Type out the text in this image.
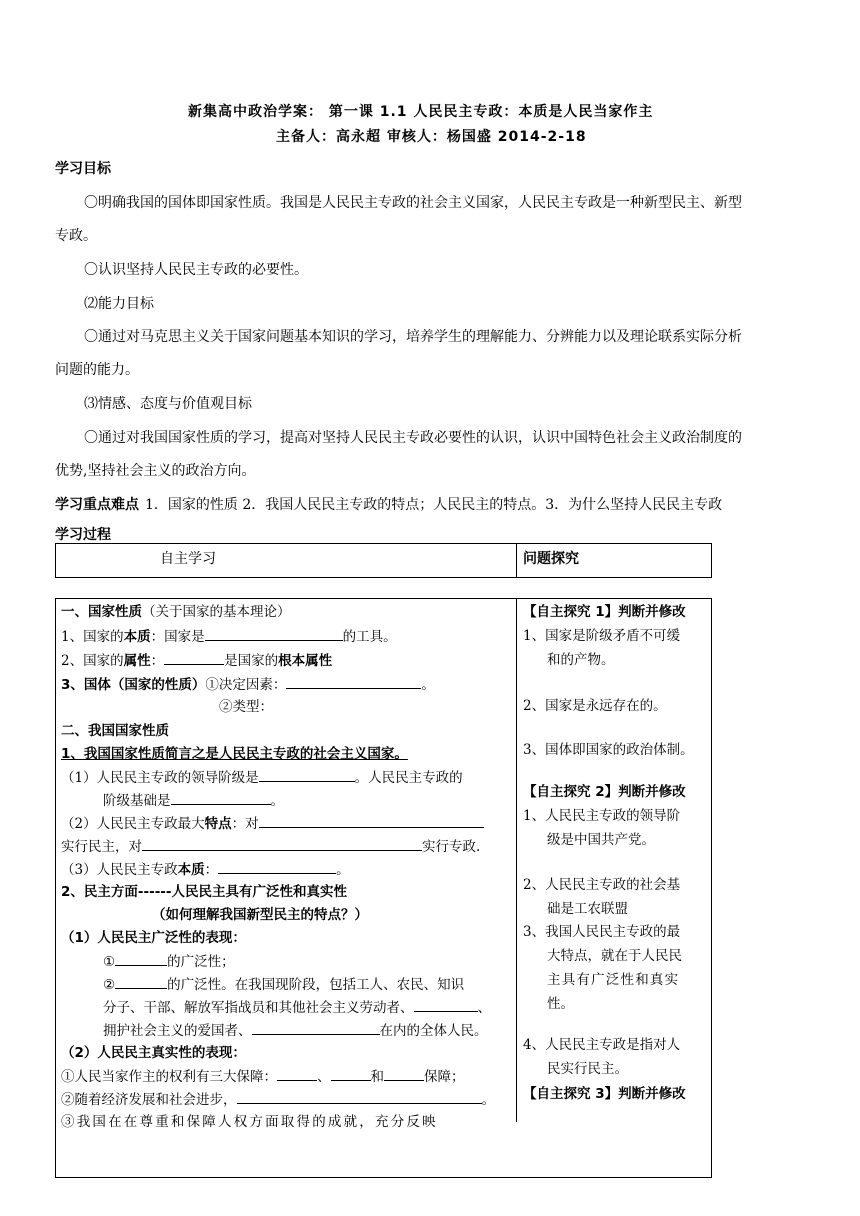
新集高中政治学案： 第一课 1.1 人民民主专政：本质是人民当家作主
主备人：高永超 审核人：杨国盛 2014-2-18
学习目标
〇明确我国的国体即国家性质。我国是人民民主专政的社会主义国家，人民民主专政是一种新型民主、新型
专政。
〇认识坚持人民民主专政的必要性。
⑵能力目标
〇通过对马克思主义关于国家问题基本知识的学习，培养学生的理解能力、分辨能力以及理论联系实际分析
问题的能力。
⑶情感、态度与价值观目标
〇通过对我国国家性质的学习，提高对坚持人民民主专政必要性的认识，认识中国特色社会主义政治制度的
优势,坚持社会主义的政治方向。
学习重点难点 1．国家的性质 2．我国人民民主专政的特点；人民民主的特点。3．为什么坚持人民民主专政
学习过程
自主学习	问题探究
一、国家性质（关于国家的基本理论）
1、国家的本质：国家是	的工具。
2、国家的属性：	是国家的根本属性
3、国体（国家的性质）①决定因素：	。
②类型：
二、我国国家性质
1、我国国家性质简言之是人民民主专政的社会主义国家。
（1）人民民主专政的领导阶级是	。人民民主专政的
阶级基础是	。
（2）人民民主专政最大特点：对
实行民主，对	实行专政.
（3）人民民主专政本质：	。
2、民主方面------人民民主具有广泛性和真实性
（如何理解我国新型民主的特点？）
（1）人民民主广泛性的表现：
①	的广泛性；
②	的广泛性。在我国现阶段，包括工人、农民、知识
分子、干部、解放军指战员和其他社会主义劳动者、	、
拥护社会主义的爱国者、	在内的全体人民。
（2）人民民主真实性的表现：
①人民当家作主的权利有三大保障：	、	和	保障；
②随着经济发展和社会进步，	。
③我国在在尊重和保障人权方面取得的成就，充分反映
【自主探究 1】判断并修改
1、国家是阶级矛盾不可缓
和的产物。
2、国家是永远存在的。
3、国体即国家的政治体制。
【自主探究 2】判断并修改
1、人民民主专政的领导阶
级是中国共产党。
2、人民民主专政的社会基
础是工农联盟
3、我国人民民主专政的最
大特点，就在于人民民
主具有广泛性和真实
性。
4、人民民主专政是指对人
民实行民主。
【自主探究 3】判断并修改
